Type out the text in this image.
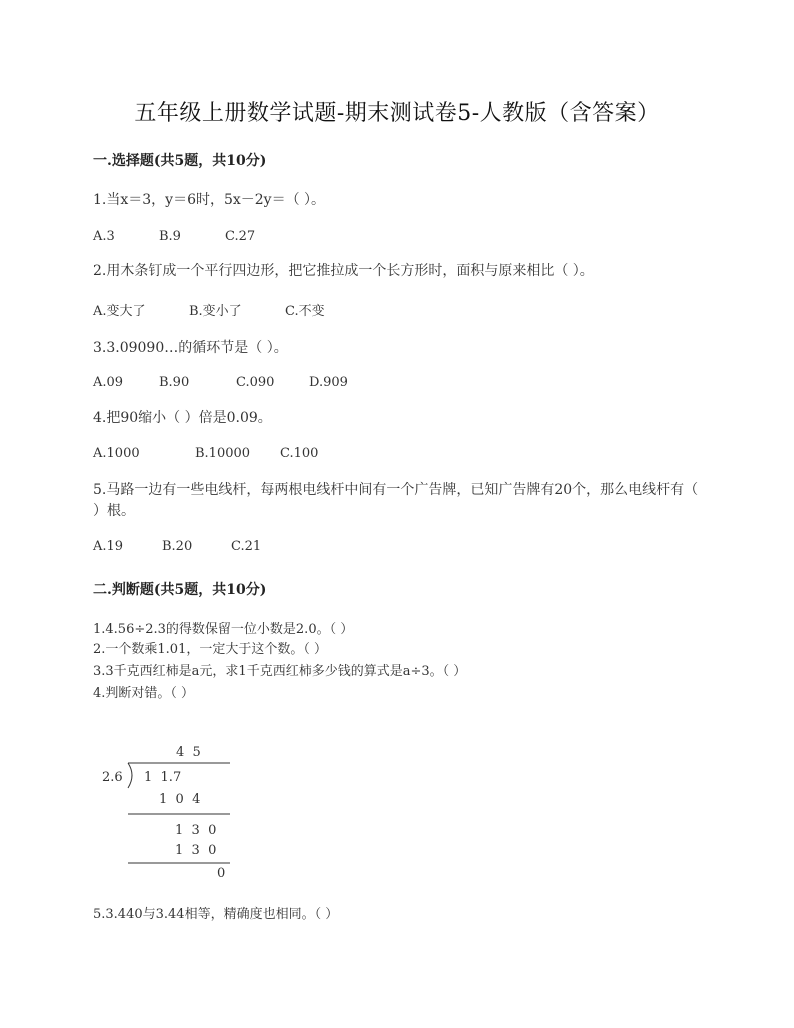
五年级上册数学试题-期末测试卷5-人教版（含答案）
一.选择题(共5题，共10分)
1.当x＝3，y＝6时，5x－2y＝（ ）。
A.3	B.9	C.27
2.用木条钉成一个平行四边形，把它推拉成一个长方形时，面积与原来相比（ ）。
A.变大了	B.变小了	C.不变
3.3.09090…的循环节是（ ）。
A.09	B.90	C.090	D.909
4.把90缩小（ ）倍是0.09。
A.1000	B.10000	C.100
5.马路一边有一些电线杆，每两根电线杆中间有一个广告牌，已知广告牌有20个，那么电线杆有（ ）根。
A.19	B.20	C.21
二.判断题(共5题，共10分)
1.4.56÷2.3的得数保留一位小数是2.0。（ ）
2.一个数乘1.01，一定大于这个数。（ ）
3.3千克西红柿是a元，求1千克西红柿多少钱的算式是a÷3。（ ）
4.判断对错。（ ）
4  5
2.6 1  1.7
1  0  4
1  3  0
1  3  0
0
5.3.440与3.44相等，精确度也相同。（ ）
